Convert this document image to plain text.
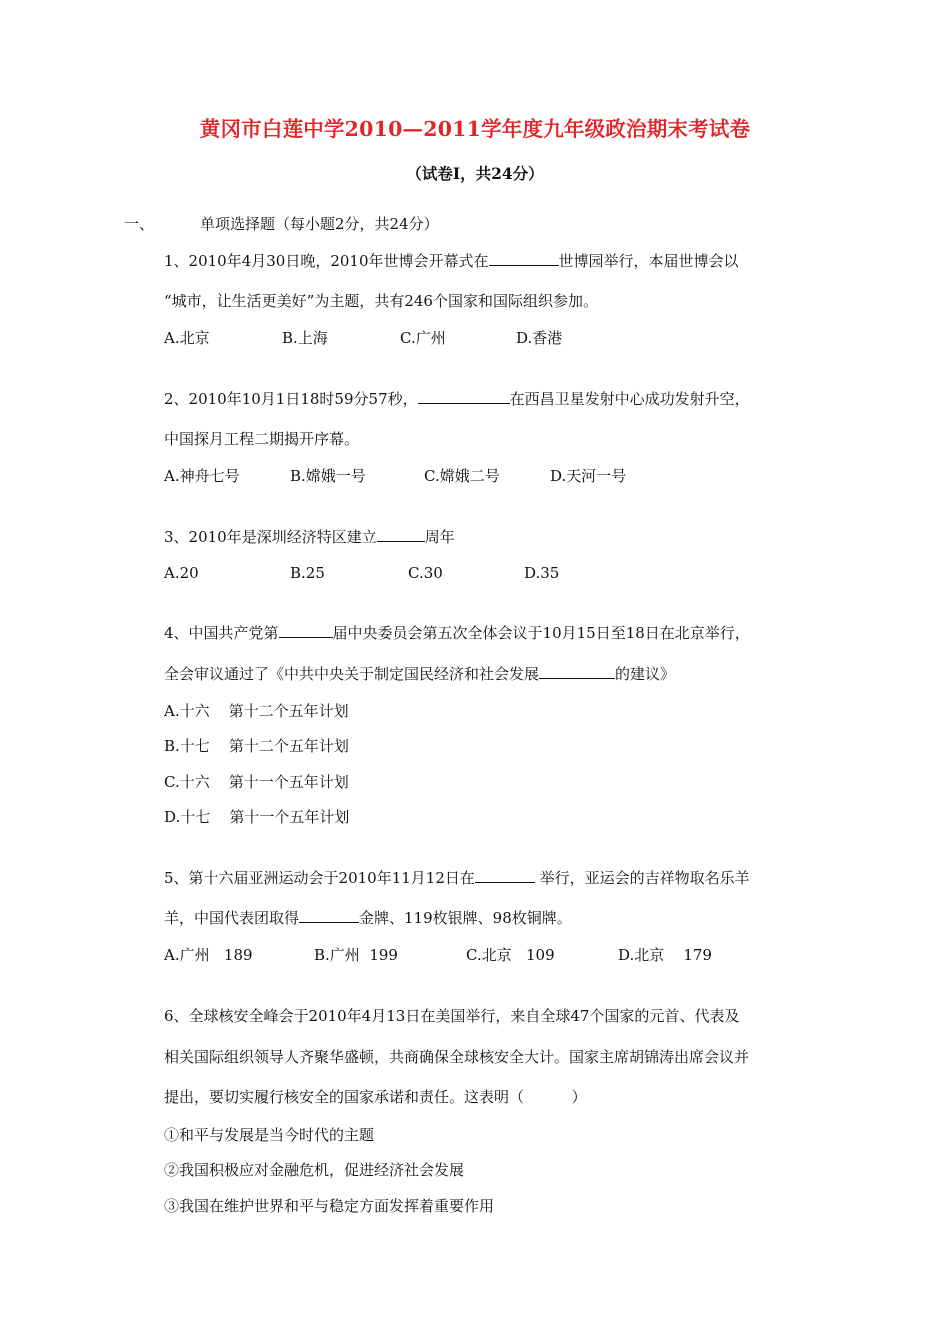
黄冈市白莲中学2010—2011学年度九年级政治期末考试卷
（试卷Ⅰ，共24分）
一、	单项选择题（每小题2分，共24分）
1、2010年4月30日晚，2010年世博会开幕式在	世博园举行，本届世博会以
“城市，让生活更美好”为主题，共有246个国家和国际组织参加。
A.北京	B.上海	C.广州	D.香港
2、2010年10月1日18时59分57秒，	在西昌卫星发射中心成功发射升空，
中国探月工程二期揭开序幕。
A.神舟七号	B.嫦娥一号	C.嫦娥二号	D.天河一号
3、2010年是深圳经济特区建立	周年
A.20	B.25	C.30	D.35
4、中国共产党第	届中央委员会第五次全体会议于10月15日至18日在北京举行，
全会审议通过了《中共中央关于制定国民经济和社会发展	的建议》
A.十六    第十二个五年计划
B.十七    第十二个五年计划
C.十六    第十一个五年计划
D.十七    第十一个五年计划
5、第十六届亚洲运动会于2010年11月12日在	举行，亚运会的吉祥物取名乐羊
羊，中国代表团取得	金牌、119枚银牌、98枚铜牌。
A.广州   189	B.广州  199	C.北京   109	D.北京    179
6、全球核安全峰会于2010年4月13日在美国举行，来自全球47个国家的元首、代表及
相关国际组织领导人齐聚华盛顿，共商确保全球核安全大计。国家主席胡锦涛出席会议并
提出，要切实履行核安全的国家承诺和责任。这表明（          ）
①和平与发展是当今时代的主题
②我国积极应对金融危机，促进经济社会发展
③我国在维护世界和平与稳定方面发挥着重要作用
